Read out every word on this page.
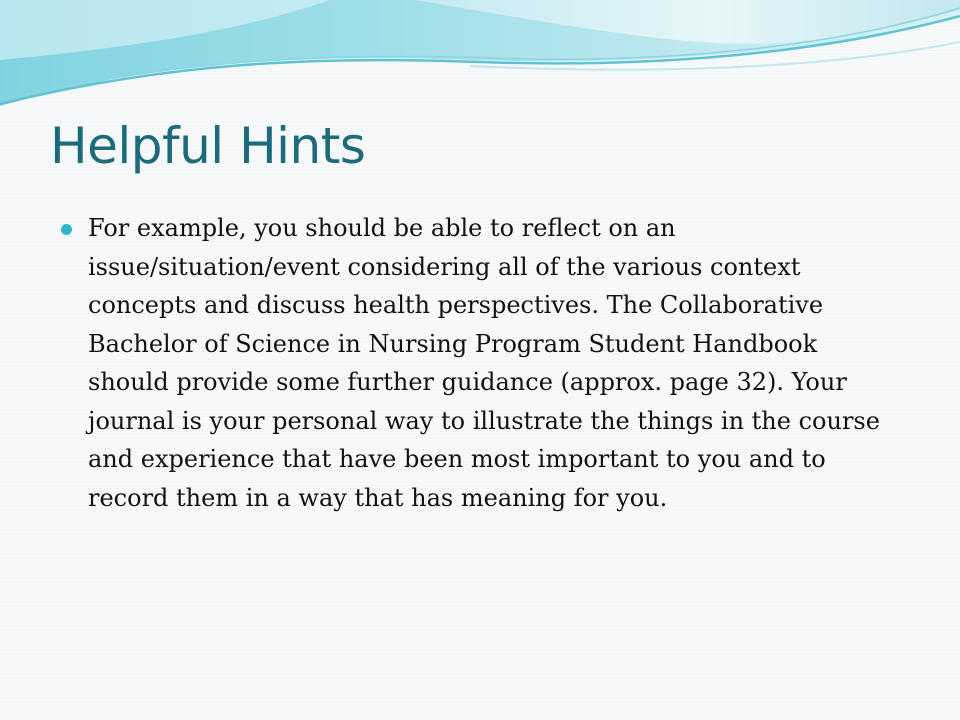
Helpful Hints
For example, you should be able to reflect on an issue/situation/event considering all of the various context concepts and discuss health perspectives. The Collaborative Bachelor of Science in Nursing Program Student Handbook should provide some further guidance (approx. page 32). Your journal is your personal way to illustrate the things in the course and experience that have been most important to you and to record them in a way that has meaning for you.
